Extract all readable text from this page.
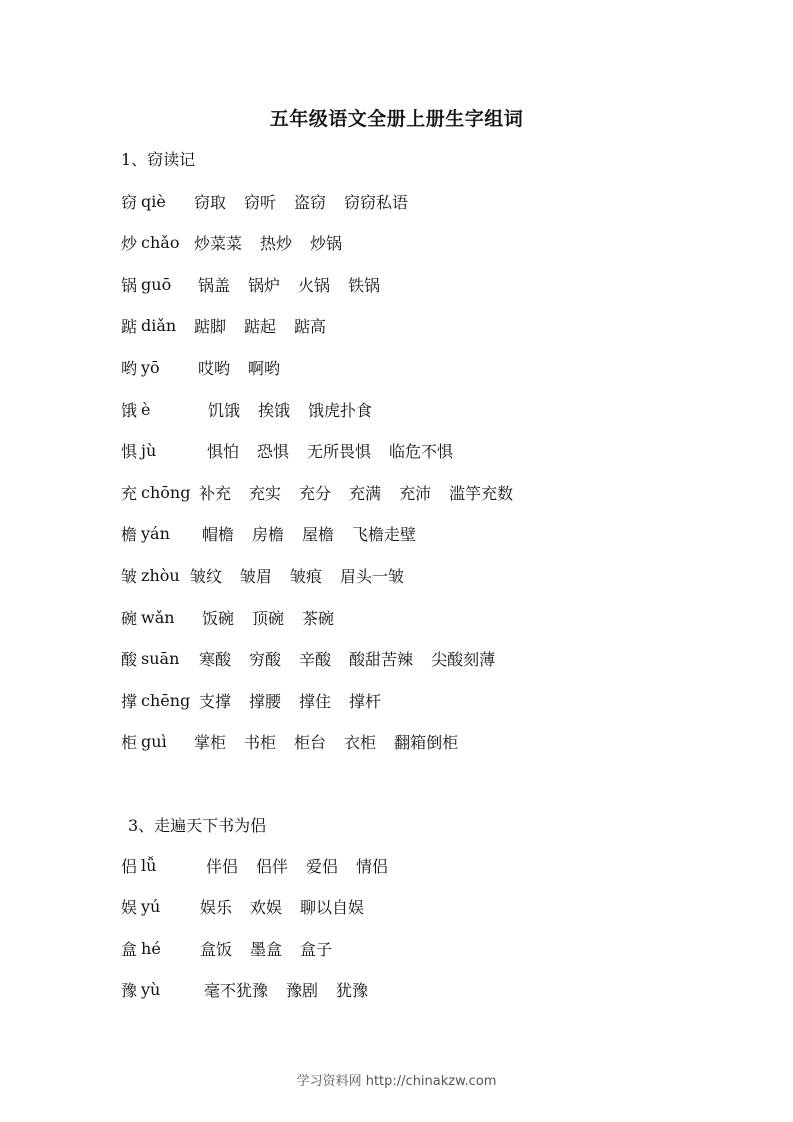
五年级语文全册上册生字组词
1、窃读记
窃 qiè 窃取 窃听 盗窃 窃窃私语
炒 chǎo 炒菜菜 热炒 炒锅
锅 guō 锅盖 锅炉 火锅 铁锅
踮 diǎn 踮脚 踮起 踮高
哟 yō 哎哟 啊哟
饿 è	饥饿 挨饿 饿虎扑食
惧 jù	惧怕 恐惧 无所畏惧 临危不惧
充 chōng 补充 充实 充分 充满 充沛 滥竽充数
檐 yán 帽檐 房檐 屋檐 飞檐走壁
皱 zhòu 皱纹 皱眉 皱痕 眉头一皱
碗 wǎn 饭碗 顶碗 茶碗
酸 suān 寒酸 穷酸 辛酸 酸甜苦辣 尖酸刻薄
撑 chēng 支撑 撑腰 撑住 撑杆
柜 guì 掌柜 书柜 柜台 衣柜 翻箱倒柜
3、走遍天下书为侣
侣 lǚ	伴侣 侣伴 爱侣 情侣
娱 yú 娱乐 欢娱 聊以自娱
盒 hé 盒饭 墨盒 盒子
豫 yù	毫不犹豫 豫剧 犹豫
学习资料网 http://chinakzw.com
